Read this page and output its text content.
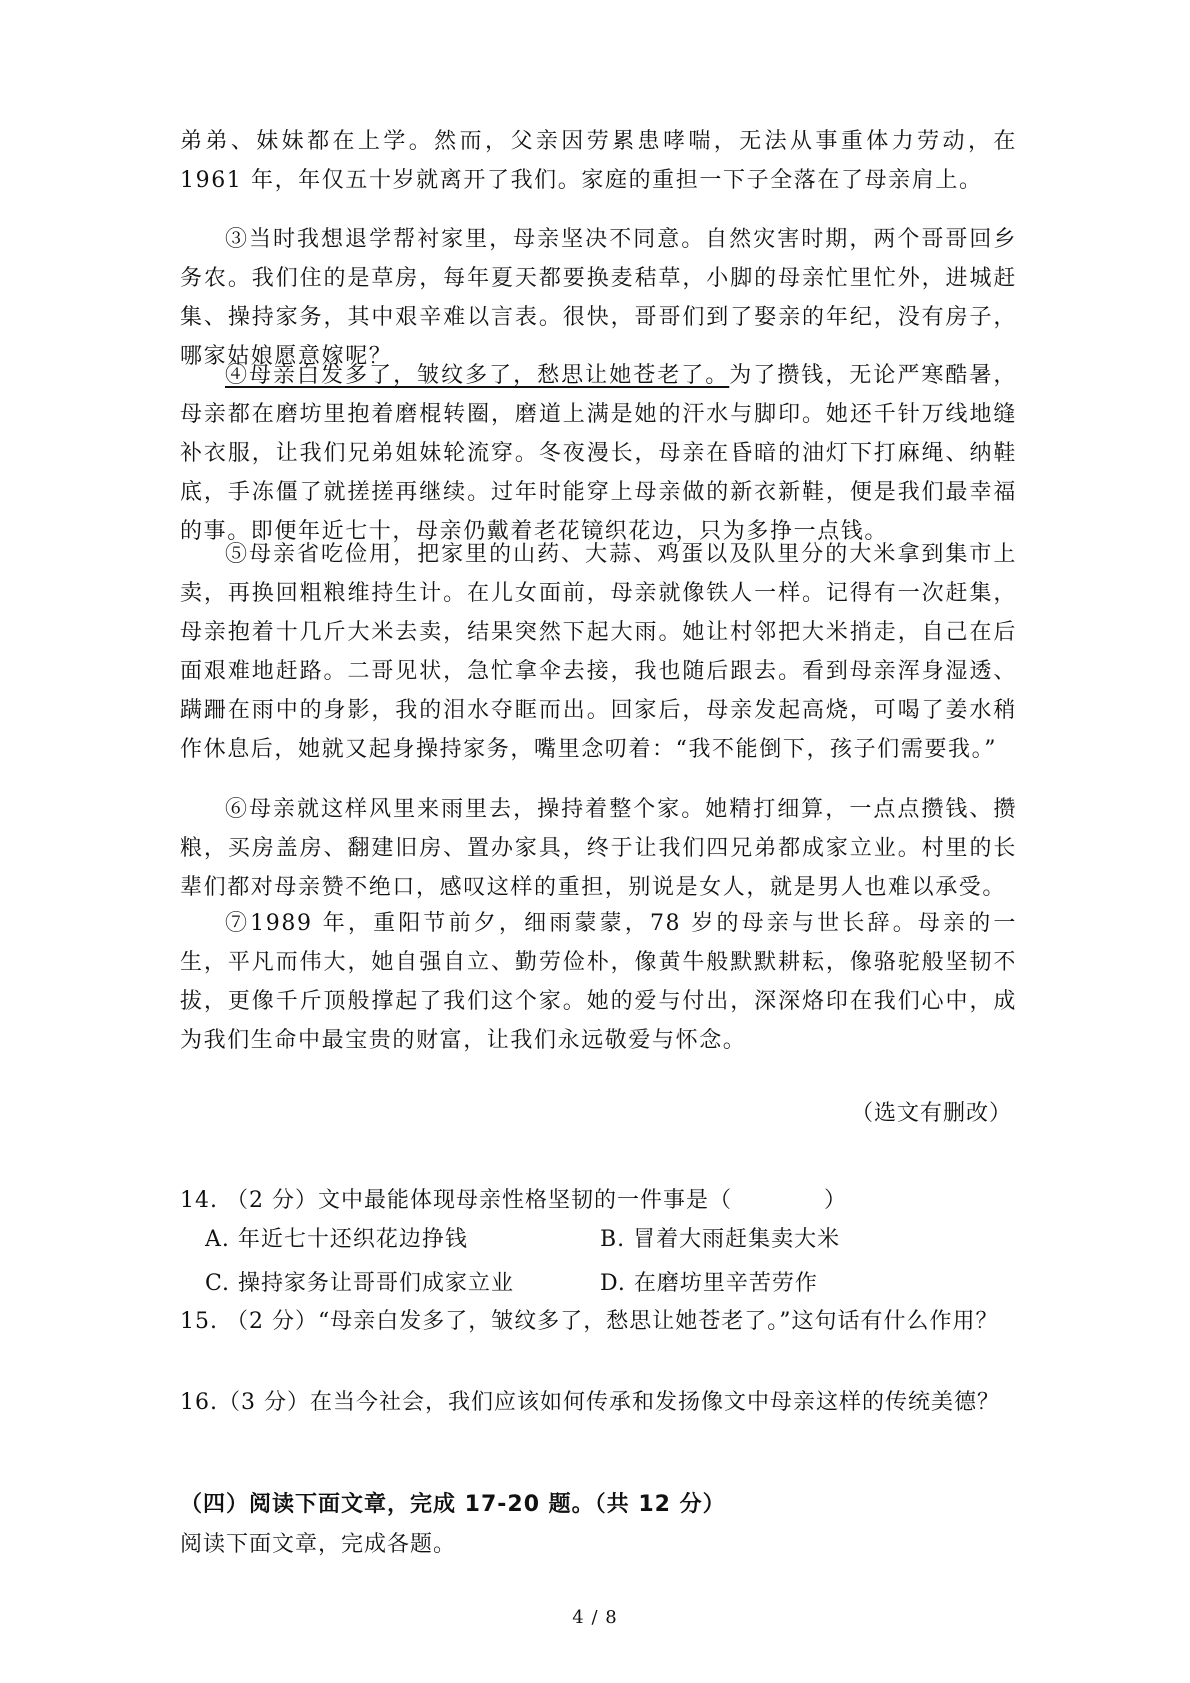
弟弟、妹妹都在上学。然而，父亲因劳累患哮喘，无法从事重体力劳动，在 1961 年，年仅五十岁就离开了我们。家庭的重担一下子全落在了母亲肩上。
③当时我想退学帮衬家里，母亲坚决不同意。自然灾害时期，两个哥哥回乡务农。我们住的是草房，每年夏天都要换麦秸草，小脚的母亲忙里忙外，进城赶集、操持家务，其中艰辛难以言表。很快，哥哥们到了娶亲的年纪，没有房子，哪家姑娘愿意嫁呢？
④母亲白发多了，皱纹多了，愁思让她苍老了。为了攒钱，无论严寒酷暑，母亲都在磨坊里抱着磨棍转圈，磨道上满是她的汗水与脚印。她还千针万线地缝补衣服，让我们兄弟姐妹轮流穿。冬夜漫长，母亲在昏暗的油灯下打麻绳、纳鞋底，手冻僵了就搓搓再继续。过年时能穿上母亲做的新衣新鞋，便是我们最幸福的事。即便年近七十，母亲仍戴着老花镜织花边，只为多挣一点钱。
⑤母亲省吃俭用，把家里的山药、大蒜、鸡蛋以及队里分的大米拿到集市上卖，再换回粗粮维持生计。在儿女面前，母亲就像铁人一样。记得有一次赶集，母亲抱着十几斤大米去卖，结果突然下起大雨。她让村邻把大米捎走，自己在后面艰难地赶路。二哥见状，急忙拿伞去接，我也随后跟去。看到母亲浑身湿透、蹒跚在雨中的身影，我的泪水夺眶而出。回家后，母亲发起高烧，可喝了姜水稍作休息后，她就又起身操持家务，嘴里念叨着：“我不能倒下，孩子们需要我。”
⑥母亲就这样风里来雨里去，操持着整个家。她精打细算，一点点攒钱、攒粮，买房盖房、翻建旧房、置办家具，终于让我们四兄弟都成家立业。村里的长辈们都对母亲赞不绝口，感叹这样的重担，别说是女人，就是男人也难以承受。
⑦1989 年，重阳节前夕，细雨蒙蒙，78 岁的母亲与世长辞。母亲的一生，平凡而伟大，她自强自立、勤劳俭朴，像黄牛般默默耕耘，像骆驼般坚韧不拔，更像千斤顶般撑起了我们这个家。她的爱与付出，深深烙印在我们心中，成为我们生命中最宝贵的财富，让我们永远敬爱与怀念。
（选文有删改）
14. （2 分）文中最能体现母亲性格坚韧的一件事是（　　　　）
A. 年近七十还织花边挣钱	B. 冒着大雨赶集卖大米
C. 操持家务让哥哥们成家立业	D. 在磨坊里辛苦劳作
15. （2 分）“母亲白发多了，皱纹多了，愁思让她苍老了。”这句话有什么作用？
16.（3 分）在当今社会，我们应该如何传承和发扬像文中母亲这样的传统美德？
（四）阅读下面文章，完成 17-20 题。（共 12 分）
阅读下面文章，完成各题。
4 / 8
